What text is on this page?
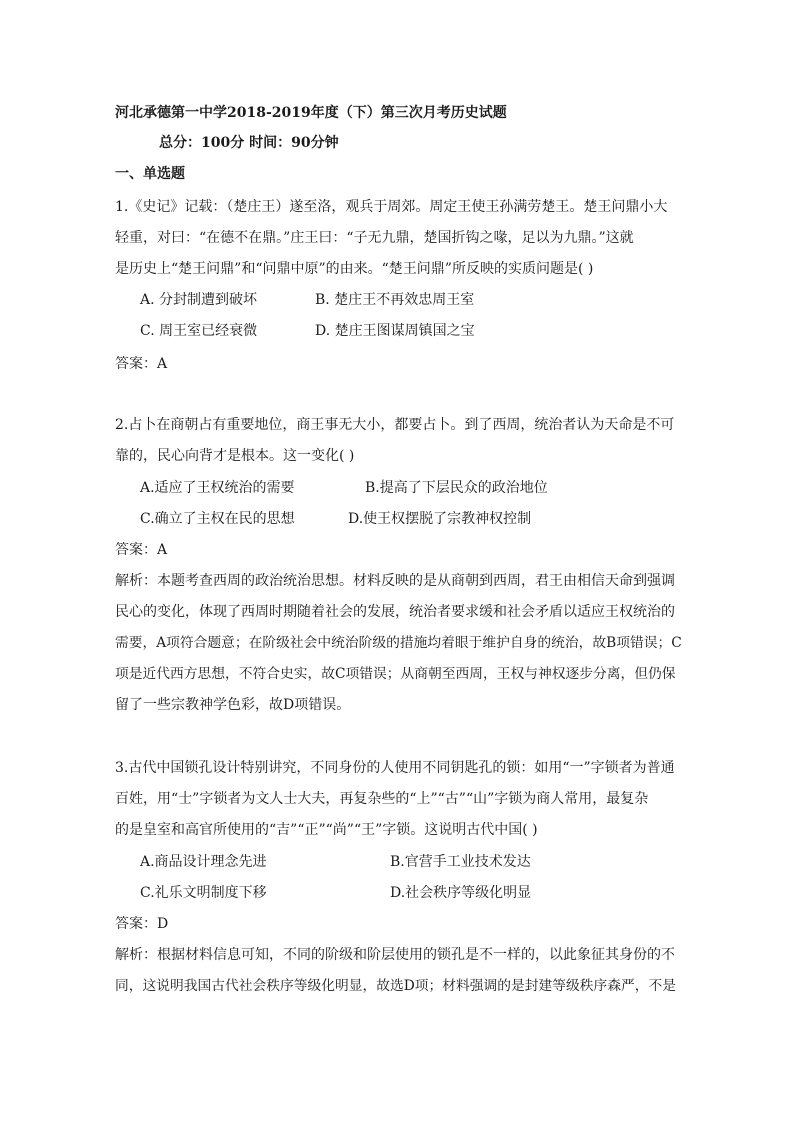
河北承德第一中学2018-2019年度（下）第三次月考历史试题
总分：100分 时间：90分钟
一、单选题
1.《史记》记载：（楚庄王）遂至洛，观兵于周郊。周定王使王孙满劳楚王。楚王问鼎小大
轻重，对曰：“在德不在鼎。”庄王曰：“子无九鼎，楚国折钩之喙，足以为九鼎。”这就
是历史上“楚王问鼎”和“问鼎中原”的由来。“楚王问鼎”所反映的实质问题是( )
A. 分封制遭到破坏	B. 楚庄王不再效忠周王室
C. 周王室已经衰微	D. 楚庄王图谋周镇国之宝
答案：A
2.占卜在商朝占有重要地位，商王事无大小，都要占卜。到了西周，统治者认为天命是不可
靠的，民心向背才是根本。这一变化( )
A.适应了王权统治的需要	B.提高了下层民众的政治地位
C.确立了主权在民的思想	D.使王权摆脱了宗教神权控制
答案：A
解析：本题考查西周的政治统治思想。材料反映的是从商朝到西周，君王由相信天命到强调
民心的变化，体现了西周时期随着社会的发展，统治者要求缓和社会矛盾以适应王权统治的
需要，A项符合题意；在阶级社会中统治阶级的措施均着眼于维护自身的统治，故B项错误；C
项是近代西方思想，不符合史实，故C项错误；从商朝至西周，王权与神权逐步分离，但仍保
留了一些宗教神学色彩，故D项错误。
3.古代中国锁孔设计特别讲究，不同身份的人使用不同钥匙孔的锁：如用“一”字锁者为普通
百姓，用“士”字锁者为文人士大夫，再复杂些的“上”“古”“山”字锁为商人常用，最复杂
的是皇室和高官所使用的“吉”“正”“尚”“王”字锁。这说明古代中国( )
A.商品设计理念先进	B.官营手工业技术发达
C.礼乐文明制度下移	D.社会秩序等级化明显
答案：D
解析：根据材料信息可知，不同的阶级和阶层使用的锁孔是不一样的，以此象征其身份的不
同，这说明我国古代社会秩序等级化明显，故选D项；材料强调的是封建等级秩序森严，不是
